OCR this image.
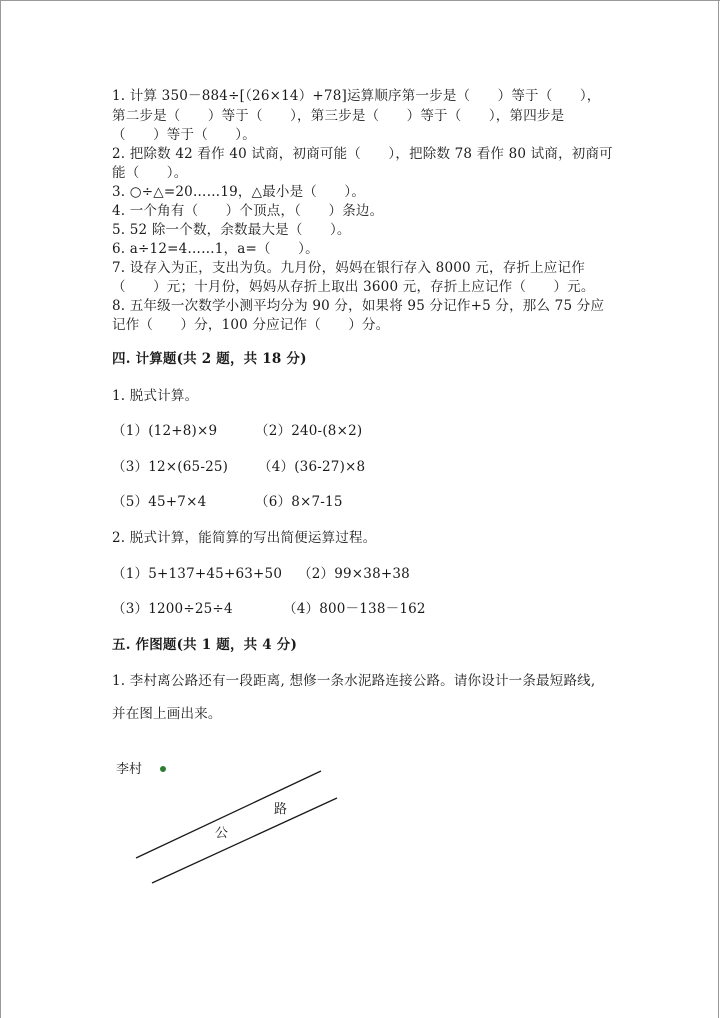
1. 计算 350－884÷[（26×14）+78]运算顺序第一步是（　　）等于（　　），
第二步是（　　）等于（　　），第三步是（　　）等于（　　），第四步是
（　　）等于（　　）。
2. 把除数 42 看作 40 试商，初商可能（　　），把除数 78 看作 80 试商，初商可
能（　　）。
3. ○÷△=20……19，△最小是（　　）。
4. 一个角有（　　）个顶点，（　　）条边。
5. 52 除一个数，余数最大是（　　）。
6. a÷12=4……1，a=（　　）。
7. 设存入为正，支出为负。九月份，妈妈在银行存入 8000 元，存折上应记作
（　　）元；十月份，妈妈从存折上取出 3600 元，存折上应记作（　　）元。
8. 五年级一次数学小测平均分为 90 分，如果将 95 分记作+5 分，那么 75 分应
记作（　　）分，100 分应记作（　　）分。
四. 计算题(共 2 题，共 18 分)
1. 脱式计算。
（1）(12+8)×9	（2）240-(8×2)
（3）12×(65-25) （4）(36-27)×8
（5）45+7×4	（6）8×7-15
2. 脱式计算，能简算的写出简便运算过程。
（1）5+137+45+63+50 （2）99×38+38
（3）1200÷25÷4	（4）800－138－162
五. 作图题(共 1 题，共 4 分)
1. 李村离公路还有一段距离, 想修一条水泥路连接公路。请你设计一条最短路线,
并在图上画出来。
李村
公
路
